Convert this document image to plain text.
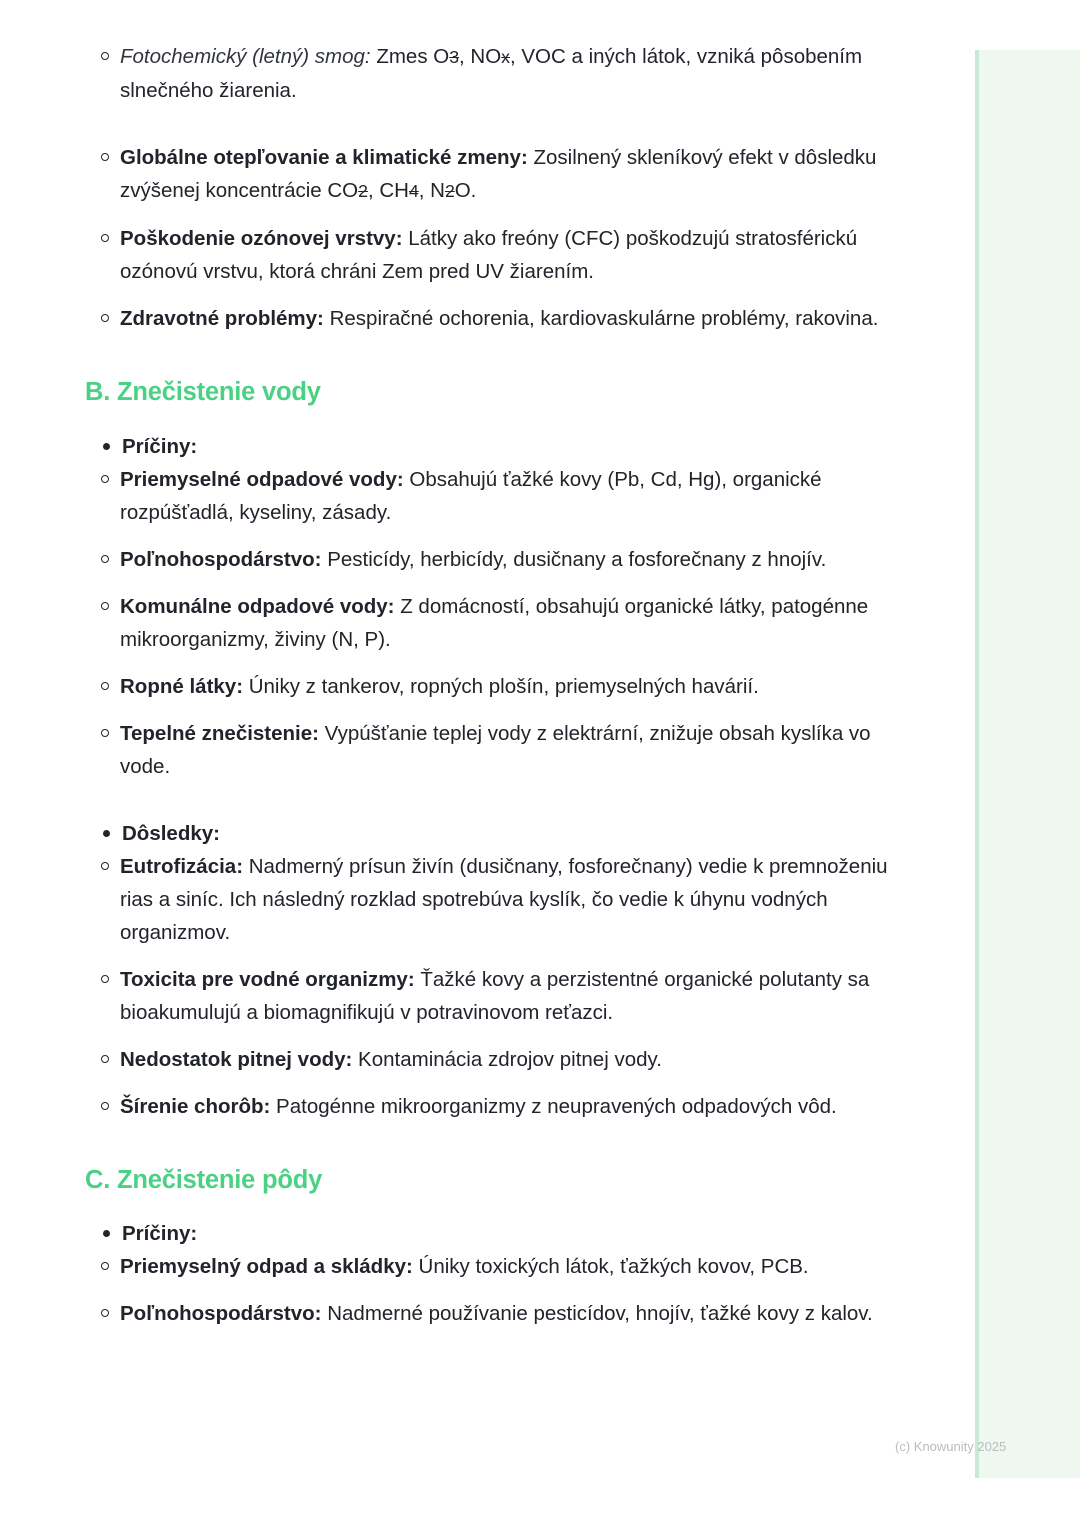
Fotochemický (letný) smog: Zmes O3, NOx, VOC a iných látok, vzniká pôsobením slnečného žiarenia.
Globálne otepľovanie a klimatické zmeny: Zosilnený skleníkový efekt v dôsledku zvýšenej koncentrácie CO2, CH4, N2O.
Poškodenie ozónovej vrstvy: Látky ako freóny (CFC) poškodzujú stratosférickú ozónovú vrstvu, ktorá chráni Zem pred UV žiarením.
Zdravotné problémy: Respiračné ochorenia, kardiovaskulárne problémy, rakovina.
B. Znečistenie vody
Príčiny:
Priemyselné odpadové vody: Obsahujú ťažké kovy (Pb, Cd, Hg), organické rozpúšťadlá, kyseliny, zásady.
Poľnohospodárstvo: Pesticídy, herbicídy, dusičnany a fosforečnany z hnojív.
Komunálne odpadové vody: Z domácností, obsahujú organické látky, patogénne mikroorganizmy, živiny (N, P).
Ropné látky: Úniky z tankerov, ropných plošín, priemyselných havárií.
Tepelné znečistenie: Vypúšťanie teplej vody z elektrární, znižuje obsah kyslíka vo vode.
Dôsledky:
Eutrofizácia: Nadmerný prísun živín (dusičnany, fosforečnany) vedie k premnoženiu rias a siníc. Ich následný rozklad spotrebúva kyslík, čo vedie k úhynu vodných organizmov.
Toxicita pre vodné organizmy: Ťažké kovy a perzistentné organické polutanty sa bioakumulujú a biomagnifikujú v potravinovom reťazci.
Nedostatok pitnej vody: Kontaminácia zdrojov pitnej vody.
Šírenie chorôb: Patogénne mikroorganizmy z neupravených odpadových vôd.
C. Znečistenie pôdy
Príčiny:
Priemyselný odpad a skládky: Úniky toxických látok, ťažkých kovov, PCB.
Poľnohospodárstvo: Nadmerné používanie pesticídov, hnojív, ťažké kovy z kalov.
(c) Knowunity 2025
